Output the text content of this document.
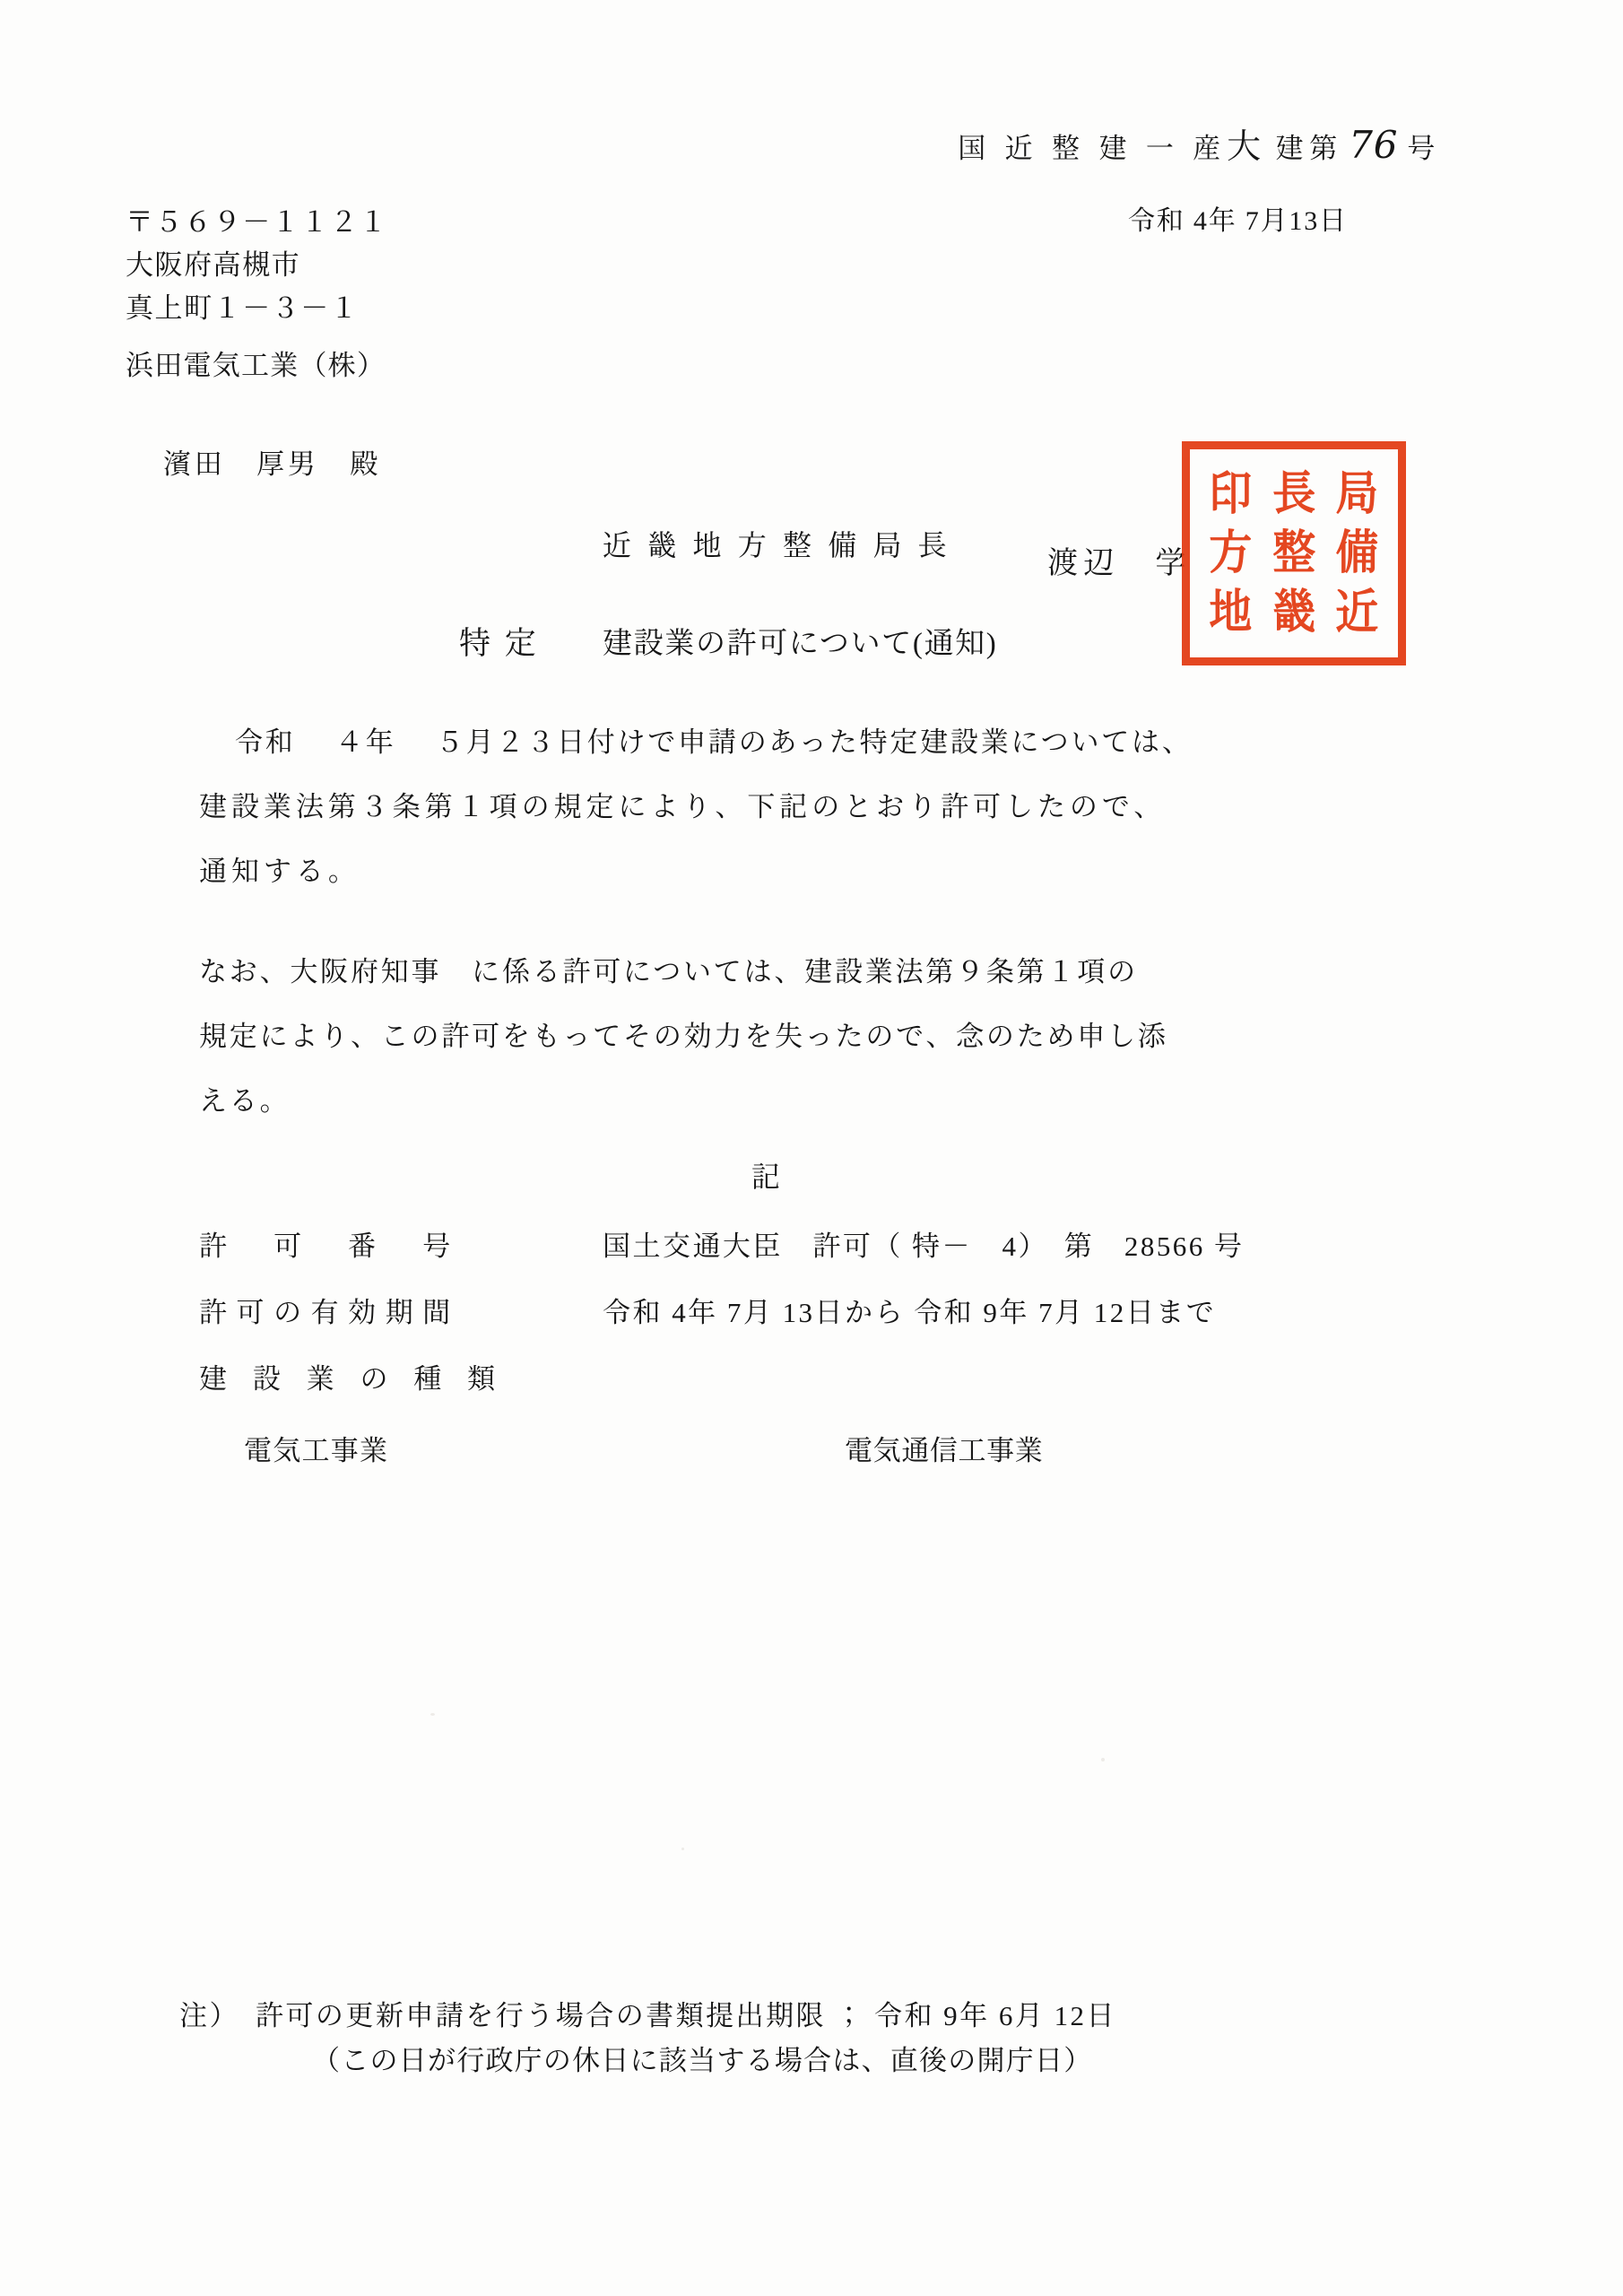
国 近 整 建 一 産大 建第 76 号

令和 4年 7月13日
〒５６９－１１２１
大阪府高槻市
真上町１－３－１
浜田電気工業（株）
濱田　厚男　殿
近 畿 地 方 整 備 局 長
渡辺　学
局
備
近
長
整
畿
印
方
地
特 定 建設業の許可について(通知)
令和　 ４年　 ５月２３日付けで申請のあった特定建設業については、
建設業法第３条第１項の規定により、下記のとおり許可したので、
通知する。
なお、大阪府知事　に係る許可については、建設業法第９条第１項の
規定により、この許可をもってその効力を失ったので、念のため申し添
える。
記
許　可　番　号	国土交通大臣　許可（ 特－　4）　第　28566 号
許可の有効期間	令和 4年 7月 13日から 令和 9年 7月 12日まで
建 設 業 の 種 類
電気工事業	電気通信工事業
注）　許可の更新申請を行う場合の書類提出期限 ； 令和 9年 6月 12日
（この日が行政庁の休日に該当する場合は、直後の開庁日）
